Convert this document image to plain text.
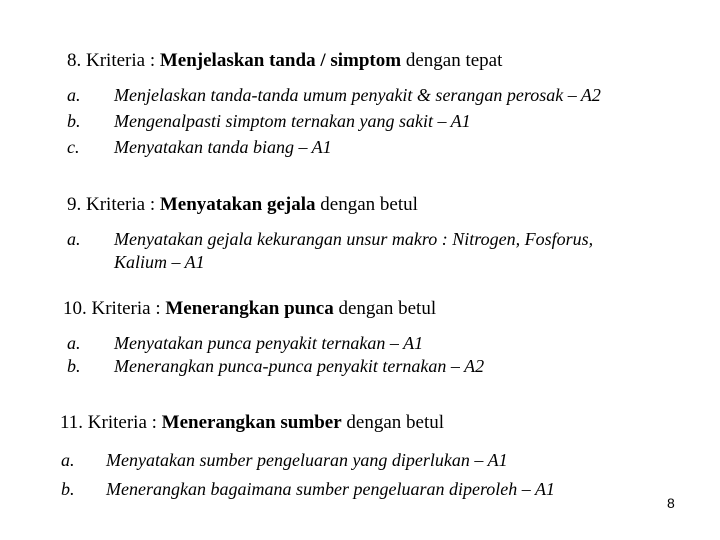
8. Kriteria : Menjelaskan tanda / simptom dengan tepat
a.	Menjelaskan tanda-tanda umum penyakit & serangan perosak – A2
b.	Mengenalpasti simptom ternakan yang sakit – A1
c.	Menyatakan tanda biang – A1
9. Kriteria : Menyatakan gejala dengan betul
a.	Menyatakan gejala kekurangan unsur makro : Nitrogen, Fosforus,
Kalium – A1
10. Kriteria : Menerangkan punca dengan betul
a.	Menyatakan punca penyakit ternakan – A1
b.	Menerangkan punca-punca penyakit ternakan – A2
11. Kriteria : Menerangkan sumber dengan betul
a.	Menyatakan sumber pengeluaran yang diperlukan – A1
b.	Menerangkan bagaimana sumber pengeluaran diperoleh – A1
8
